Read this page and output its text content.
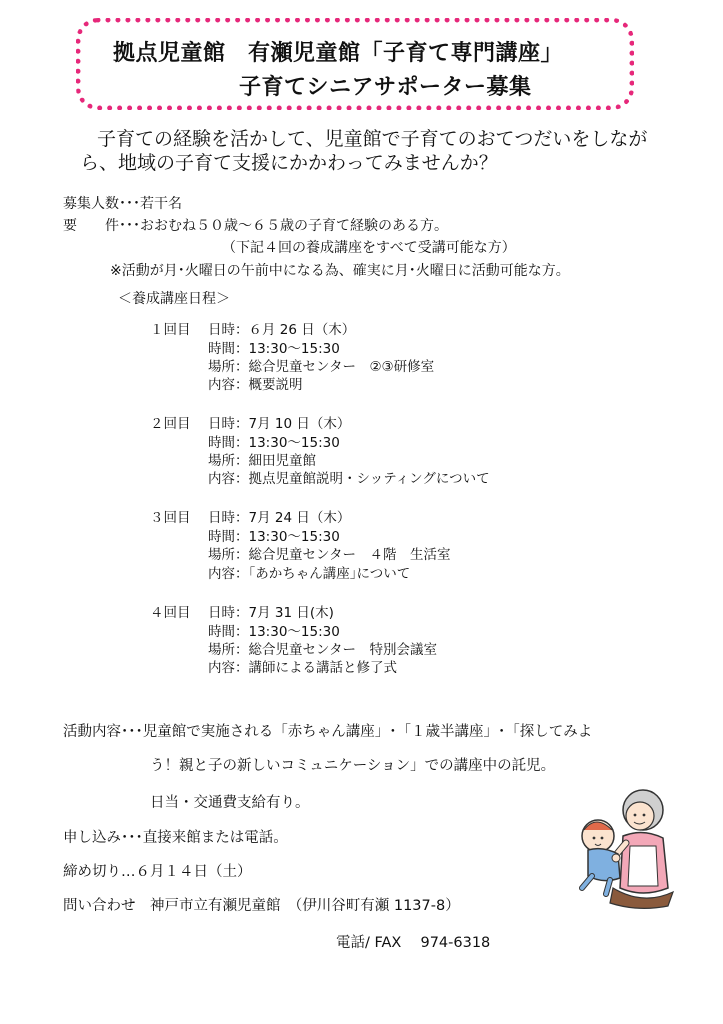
拠点児童館　有瀬児童館「子育て専門講座」
子育てシニアサポーター募集
子育ての経験を活かして、児童館で子育てのおてつだいをしなが
ら、地域の子育て支援にかかわってみませんか？
募集人数･･･若干名
要　　件･･･おおむね５０歳～６５歳の子育て経験のある方。
（下記４回の養成講座をすべて受講可能な方）
※活動が月･火曜日の午前中になる為、確実に月･火曜日に活動可能な方。
＜養成講座日程＞
１回目 日時：６月 26 日（木）
時間：13:30～15:30
場所：総合児童センター　②③研修室
内容：概要説明
２回目 日時：7月 10 日（木）
時間：13:30～15:30
場所：細田児童館
内容：拠点児童館説明・シッティングについて
３回目 日時：7月 24 日（木）
時間：13:30～15:30
場所：総合児童センター　４階　生活室
内容：｢あかちゃん講座｣について
４回目 日時：7月 31 日(木)
時間：13:30～15:30
場所：総合児童センター　特別会議室
内容：講師による講話と修了式
活動内容･･･児童館で実施される「赤ちゃん講座」･「１歳半講座」･「探してみよ
う！親と子の新しいコミュニケーション」での講座中の託児。
日当・交通費支給有り。
申し込み･･･直接来館または電話。
締め切り…６月１４日（土）
問い合わせ　神戸市立有瀬児童館　（伊川谷町有瀬 1137-8）
電話/ FAX　 974-6318
